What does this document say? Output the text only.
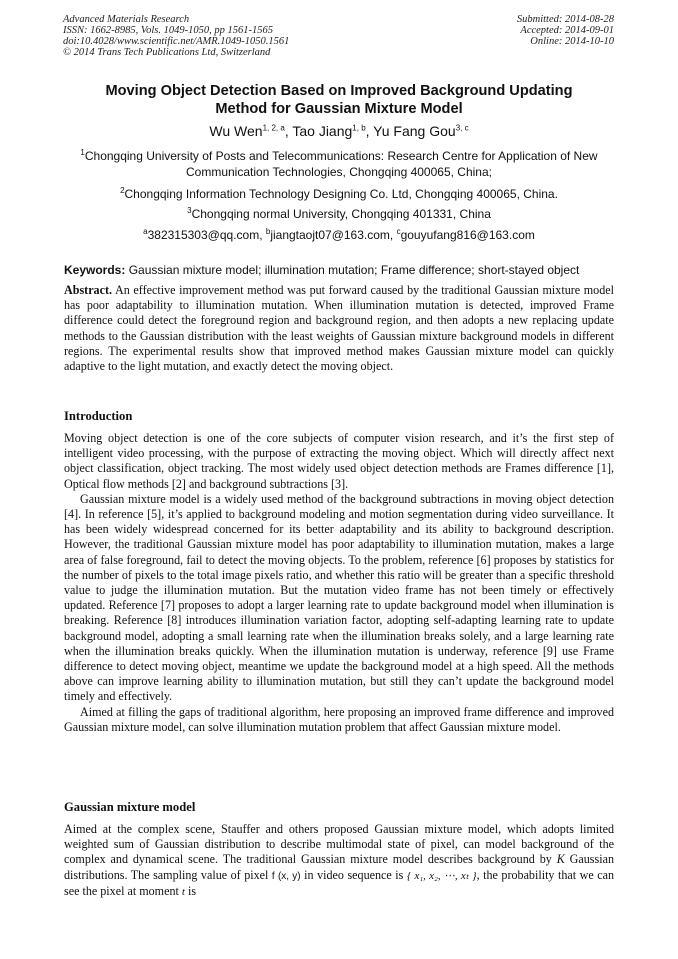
Advanced Materials Research
ISSN: 1662-8985, Vols. 1049-1050, pp 1561-1565
doi:10.4028/www.scientific.net/AMR.1049-1050.1561
© 2014 Trans Tech Publications Ltd, Switzerland
Submitted: 2014-08-28
Accepted: 2014-09-01
Online: 2014-10-10
Moving Object Detection Based on Improved Background Updating
Method for Gaussian Mixture Model
Wu Wen$^{1, 2, a}$, Tao Jiang$^{1, b}$, Yu Fang Gou$^{3, c}$
$^1$Chongqing University of Posts and Telecommunications: Research Centre for Application of New Communication Technologies, Chongqing 400065, China;
$^2$Chongqing Information Technology Designing Co. Ltd, Chongqing 400065, China.
$^3$Chongqing normal University, Chongqing 401331, China
$^a$382315303@qq.com, $^b$jiangtaojt07@163.com, $^c$gouyufang816@163.com
Keywords: Gaussian mixture model; illumination mutation; Frame difference; short-stayed object

Abstract. An effective improvement method was put forward caused by the traditional Gaussian mixture model has poor adaptability to illumination mutation. When illumination mutation is detected, improved Frame difference could detect the foreground region and background region, and then adopts a new replacing update methods to the Gaussian distribution with the least weights of Gaussian mixture background models in different regions. The experimental results show that improved method makes Gaussian mixture model can quickly adaptive to the light mutation, and exactly detect the moving object.

Introduction

Moving object detection is one of the core subjects of computer vision research, and it’s the first step of intelligent video processing, with the purpose of extracting the moving object. Which will directly affect next object classification, object tracking. The most widely used object detection methods are Frames difference [1], Optical flow methods [2] and background subtractions [3].

Gaussian mixture model is a widely used method of the background subtractions in moving object detection [4]. In reference [5], it’s applied to background modeling and motion segmentation during video surveillance. It has been widely widespread concerned for its better adaptability and its ability to background description. However, the traditional Gaussian mixture model has poor adaptability to illumination mutation, makes a large area of false foreground, fail to detect the moving objects. To the problem, reference [6] proposes by statistics for the number of pixels to the total image pixels ratio, and whether this ratio will be greater than a specific threshold value to judge the illumination mutation. But the mutation video frame has not been timely or effectively updated. Reference [7] proposes to adopt a larger learning rate to update background model when illumination is breaking. Reference [8] introduces illumination variation factor, adopting self-adapting learning rate to update background model, adopting a small learning rate when the illumination breaks solely, and a large learning rate when the illumination breaks quickly. When the illumination mutation is underway, reference [9] use Frame difference to detect moving object, meantime we update the background model at a high speed. All the methods above can improve learning ability to illumination mutation, but still they can’t update the background model timely and effectively.

Aimed at filling the gaps of traditional algorithm, here proposing an improved frame difference and improved Gaussian mixture model, can solve illumination mutation problem that affect Gaussian mixture model.

Gaussian mixture model

Aimed at the complex scene, Stauffer and others proposed Gaussian mixture model, which adopts limited weighted sum of Gaussian distribution to describe multimodal state of pixel, can model background of the complex and dynamical scene. The traditional Gaussian mixture model describes background by K Gaussian distributions. The sampling value of pixel f (x, y) in video sequence is { x₁, x₂, ⋯, xₜ }, the probability that we can see the pixel at moment t is
